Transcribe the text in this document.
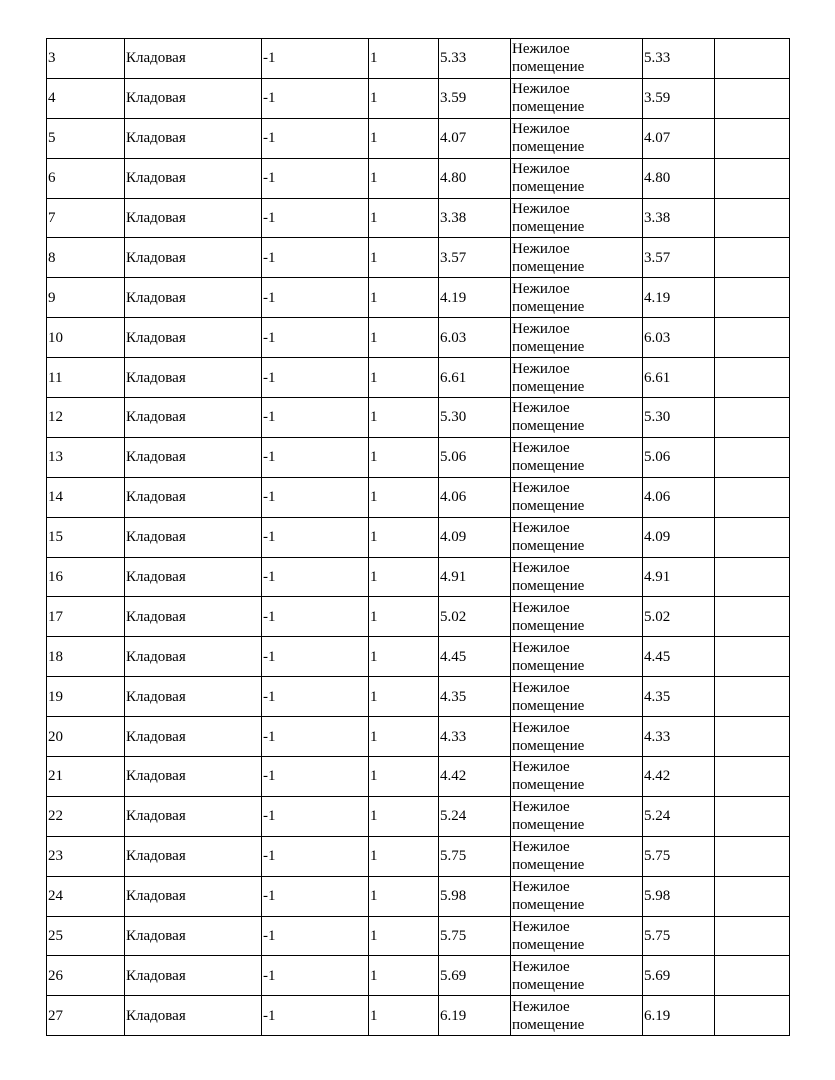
3	Кладовая	-1	1	5.33	Нежилое
помещение	5.33	
4	Кладовая	-1	1	3.59	Нежилое
помещение	3.59	
5	Кладовая	-1	1	4.07	Нежилое
помещение	4.07	
6	Кладовая	-1	1	4.80	Нежилое
помещение	4.80	
7	Кладовая	-1	1	3.38	Нежилое
помещение	3.38	
8	Кладовая	-1	1	3.57	Нежилое
помещение	3.57	
9	Кладовая	-1	1	4.19	Нежилое
помещение	4.19	
10	Кладовая	-1	1	6.03	Нежилое
помещение	6.03	
11	Кладовая	-1	1	6.61	Нежилое
помещение	6.61	
12	Кладовая	-1	1	5.30	Нежилое
помещение	5.30	
13	Кладовая	-1	1	5.06	Нежилое
помещение	5.06	
14	Кладовая	-1	1	4.06	Нежилое
помещение	4.06	
15	Кладовая	-1	1	4.09	Нежилое
помещение	4.09	
16	Кладовая	-1	1	4.91	Нежилое
помещение	4.91	
17	Кладовая	-1	1	5.02	Нежилое
помещение	5.02	
18	Кладовая	-1	1	4.45	Нежилое
помещение	4.45	
19	Кладовая	-1	1	4.35	Нежилое
помещение	4.35	
20	Кладовая	-1	1	4.33	Нежилое
помещение	4.33	
21	Кладовая	-1	1	4.42	Нежилое
помещение	4.42	
22	Кладовая	-1	1	5.24	Нежилое
помещение	5.24	
23	Кладовая	-1	1	5.75	Нежилое
помещение	5.75	
24	Кладовая	-1	1	5.98	Нежилое
помещение	5.98	
25	Кладовая	-1	1	5.75	Нежилое
помещение	5.75	
26	Кладовая	-1	1	5.69	Нежилое
помещение	5.69	
27	Кладовая	-1	1	6.19	Нежилое
помещение	6.19	
